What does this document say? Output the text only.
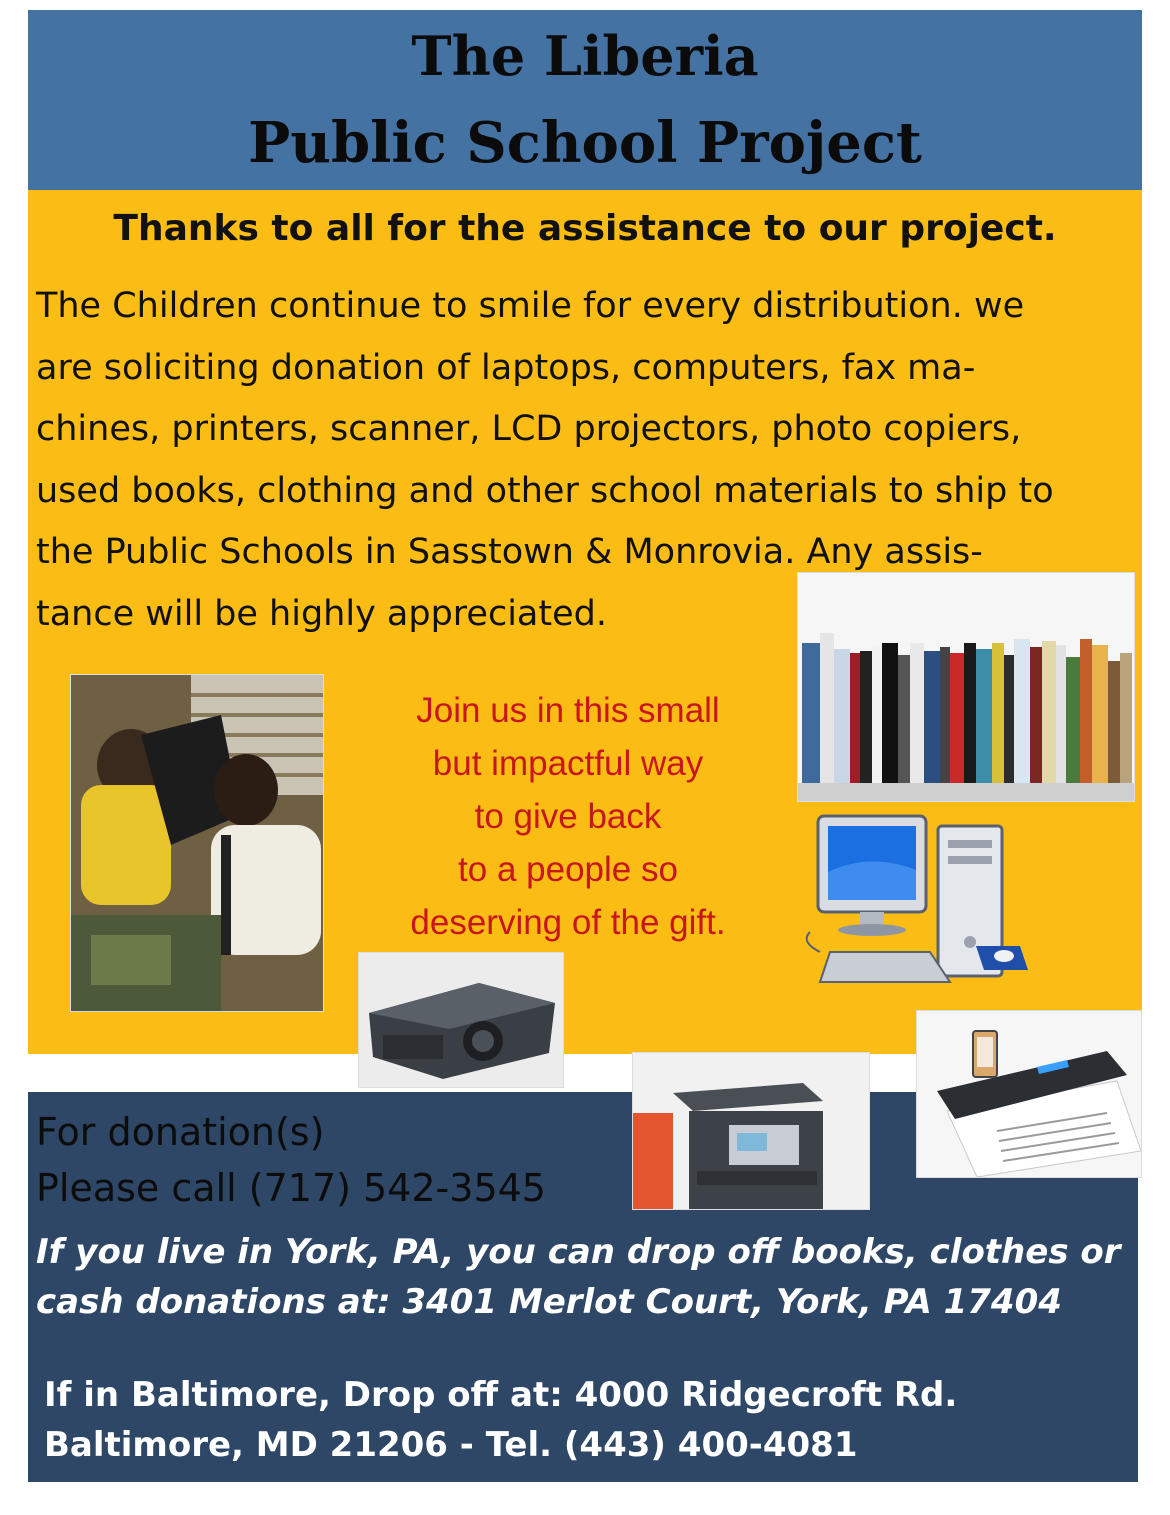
The Liberia
Public School Project
Thanks to all for the assistance to our project.
The Children continue to smile for every distribution. we
are soliciting donation of laptops, computers, fax ma-
chines, printers, scanner, LCD projectors, photo copiers,
used books, clothing and other school materials to ship to
the Public Schools in Sasstown & Monrovia. Any assis-
tance will be highly appreciated.
Join us in this small
but impactful way
to give back
to a people so
deserving of the gift.
For donation(s)
Please call (717) 542-3545
If you live in York, PA, you can drop off books, clothes or
cash donations at: 3401 Merlot Court, York, PA 17404
If in Baltimore, Drop off at: 4000 Ridgecroft Rd.
Baltimore, MD 21206 - Tel. (443) 400-4081
